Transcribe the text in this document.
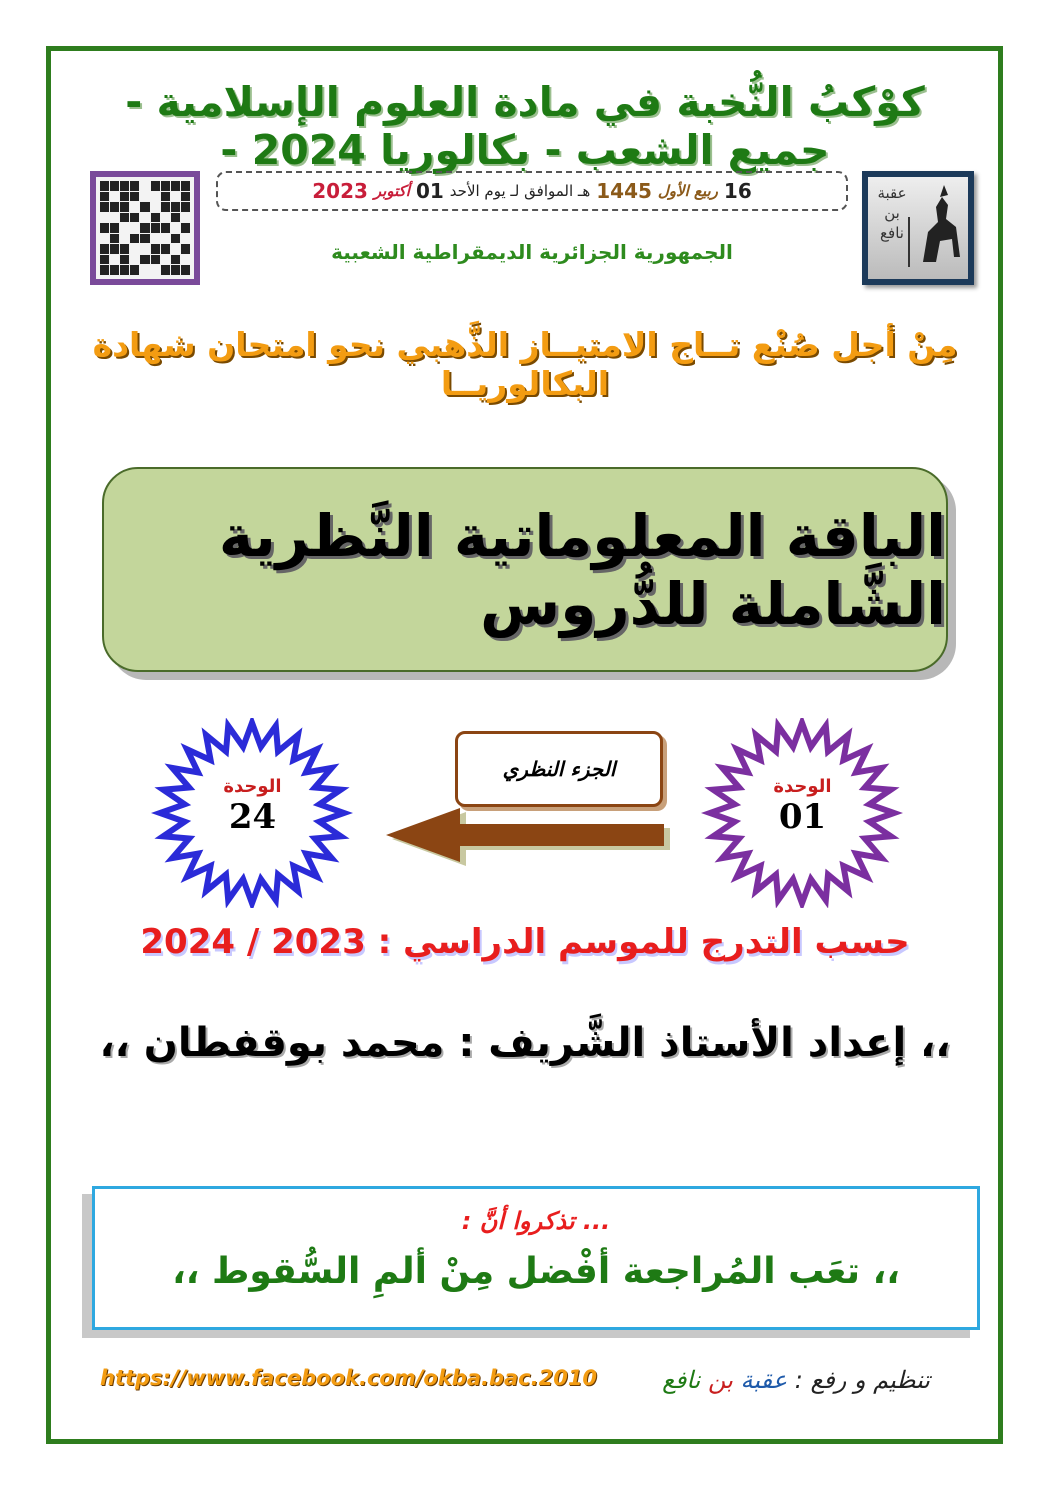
كوْكبُ النُّخبة في مادة العلوم الإسلامية - جميع الشعب - بكالوريا 2024 -
16
ربيع الأول
1445
هـ الموافق لـ يوم الأحد
01
أكتوبر
2023
الجمهورية الجزائرية الديمقراطية الشعبية
عقبة بن نافع
مِنْ أجل صُنْع تــاج الامتيــاز الذَّهبي نحو امتحان شهادة البكالوريــا
الباقة المعلوماتية النَّظرية الشَّاملة للدُّروس
الوحدة
24
الوحدة
01
الجزء النظري
حسب التدرج للموسم الدراسي : 2023 / 2024
،، إعداد الأستاذ الشَّريف : محمد بوقفطان ،،
... تذكروا أنَّ :
،، تعَب المُراجعة أفْضل مِنْ ألمِ السُّقوط ،،
https://www.facebook.com/okba.bac.2010	تنظيم و رفع : عقبة بن نافع
